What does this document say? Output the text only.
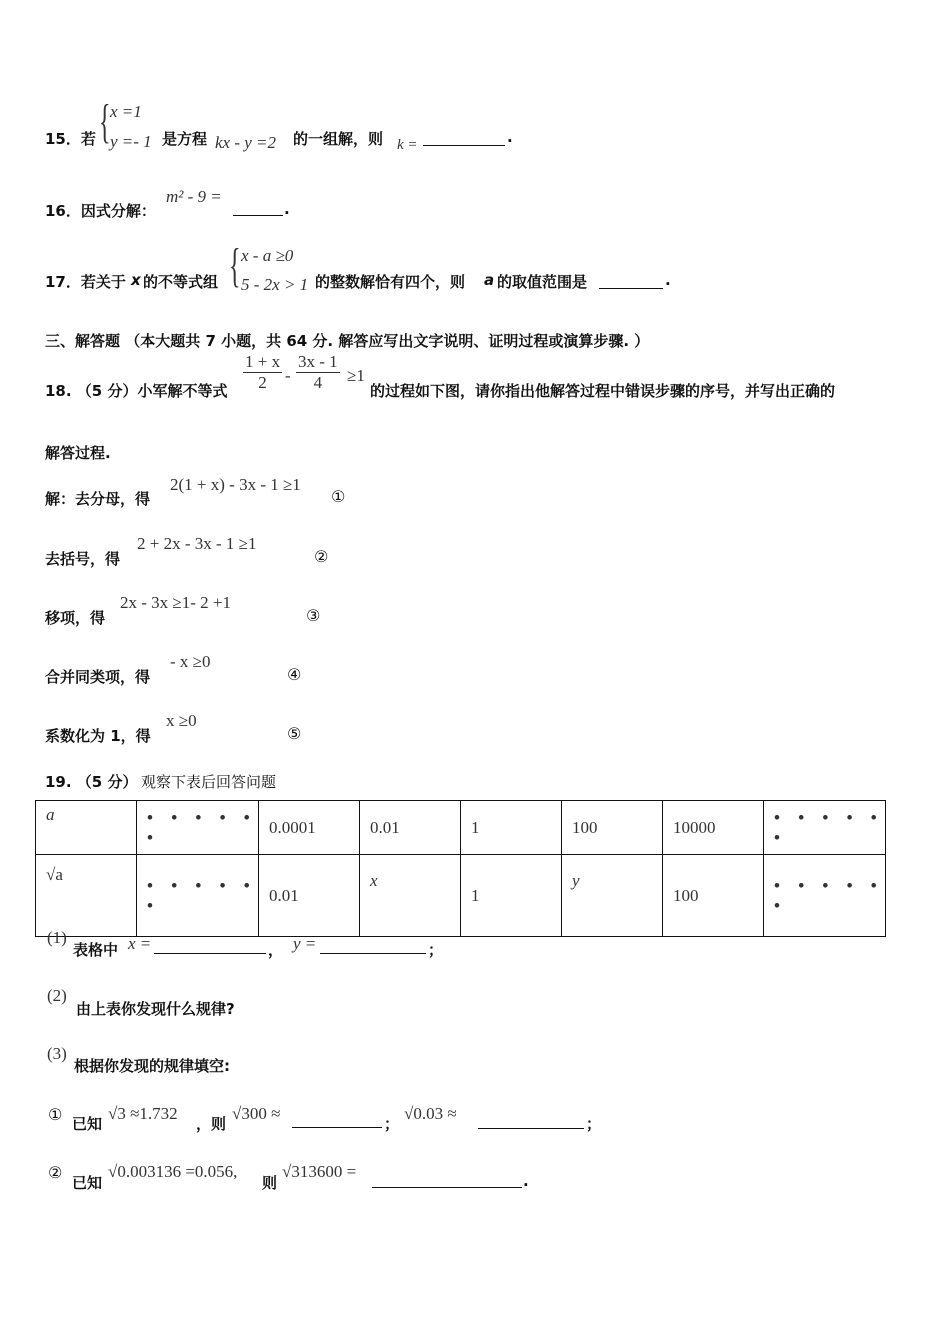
15．若 { x =1
y =- 1 是方程 kx - y =2 的一组解，则 k =	.
16．因式分解：
m² - 9 =
.
17．若关于 x 的不等式组 { x - a ≥0
5 - 2x > 1 的整数解恰有四个，则 a 的取值范围是	.
三、解答题 （本大题共 7 小题，共 64 分. 解答应写出文字说明、证明过程或演算步骤. ）
18. （5 分）小军解不等式 $\frac{1 + x}{2} - \frac{3x - 1}{4} \ge 1$
的过程如下图，请你指出他解答过程中错误步骤的序号，并写出正确的
解答过程.
解：去分母，得
2(1 + x) - 3x - 1 ≥1
①
去括号，得
2 + 2x - 3x - 1 ≥1
②
移项，得
2x - 3x ≥1- 2 +1
③
合并同类项，得
- x ≥0
④
系数化为 1，得
x ≥0
⑤
19. （5 分） 观察下表后回答问题
a	• • • • • •	0.0001	0.01	1	100	10000	• • • • • •
√a	• • • • • •	0.01	x	1	y	100	• • • • • •
(1)
表格中 x =	， y =	；
(2)
由上表你发现什么规律?
(3)
根据你发现的规律填空:
① 已知
√3 ≈1.732
，则
√300 ≈
；
√0.03 ≈
；
②
已知
√0.003136 =0.056,
则
√313600 =	.
